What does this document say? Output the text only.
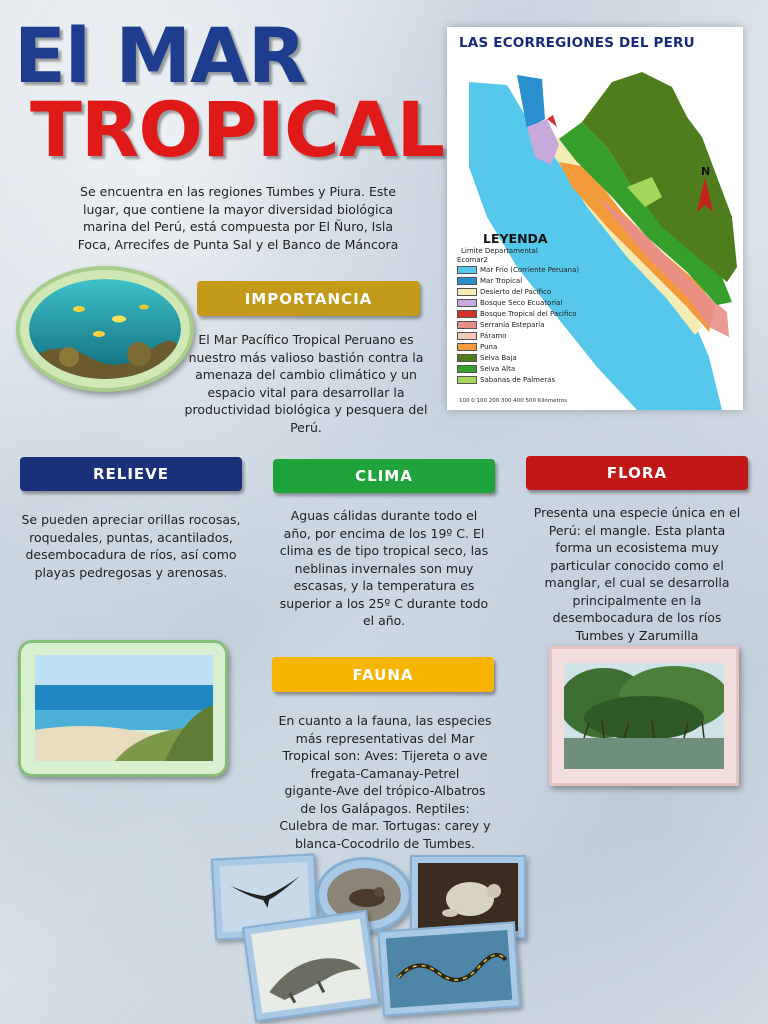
El MAR
TROPICAL
Se encuentra en las regiones Tumbes y Piura. Este
lugar, que contiene la mayor diversidad biológica
marina del Perú, está compuesta por El Ñuro, Isla
Foca, Arrecifes de Punta Sal y el Banco de Máncora
LAS ECORREGIONES DEL PERU
N
LEYENDA
Limite Departamental
Ecomar2
Mar Frío (Corriente Peruana)
Mar Tropical
Desierto del Pacifico
Bosque Seco Ecuatorial
Bosque Tropical del Pacifico
Serranía Esteparia
Páramo
Puna
Selva Baja
Selva Alta
Sabanas de Palmeras
100 0 100 200 300 400 500 Kilómetros
IMPORTANCIA
El Mar Pacífico Tropical Peruano es
nuestro más valioso bastión contra la
amenaza del cambio climático y un
espacio vital para desarrollar la
productividad biológica y pesquera del
Perú.
RELIEVE
Se pueden apreciar orillas rocosas,
roquedales, puntas, acantilados,
desembocadura de ríos, así como
playas pedregosas y arenosas.
CLIMA
Aguas cálidas durante todo el
año, por encima de los 19º C. El
clima es de tipo tropical seco, las
neblinas invernales son muy
escasas, y la temperatura es
superior a los 25º C durante todo
el año.
FLORA
Presenta una especie única en el
Perú: el mangle. Esta planta
forma un ecosistema muy
particular conocido como el
manglar, el cual se desarrolla
principalmente en la
desembocadura de los ríos
Tumbes y Zarumilla
FAUNA
En cuanto a la fauna, las especies
más representativas del Mar
Tropical son: Aves: Tijereta o ave
fregata-Camanay-Petrel
gigante-Ave del trópico-Albatros
de los Galápagos. Reptiles:
Culebra de mar. Tortugas: carey y
blanca-Cocodrilo de Tumbes.
